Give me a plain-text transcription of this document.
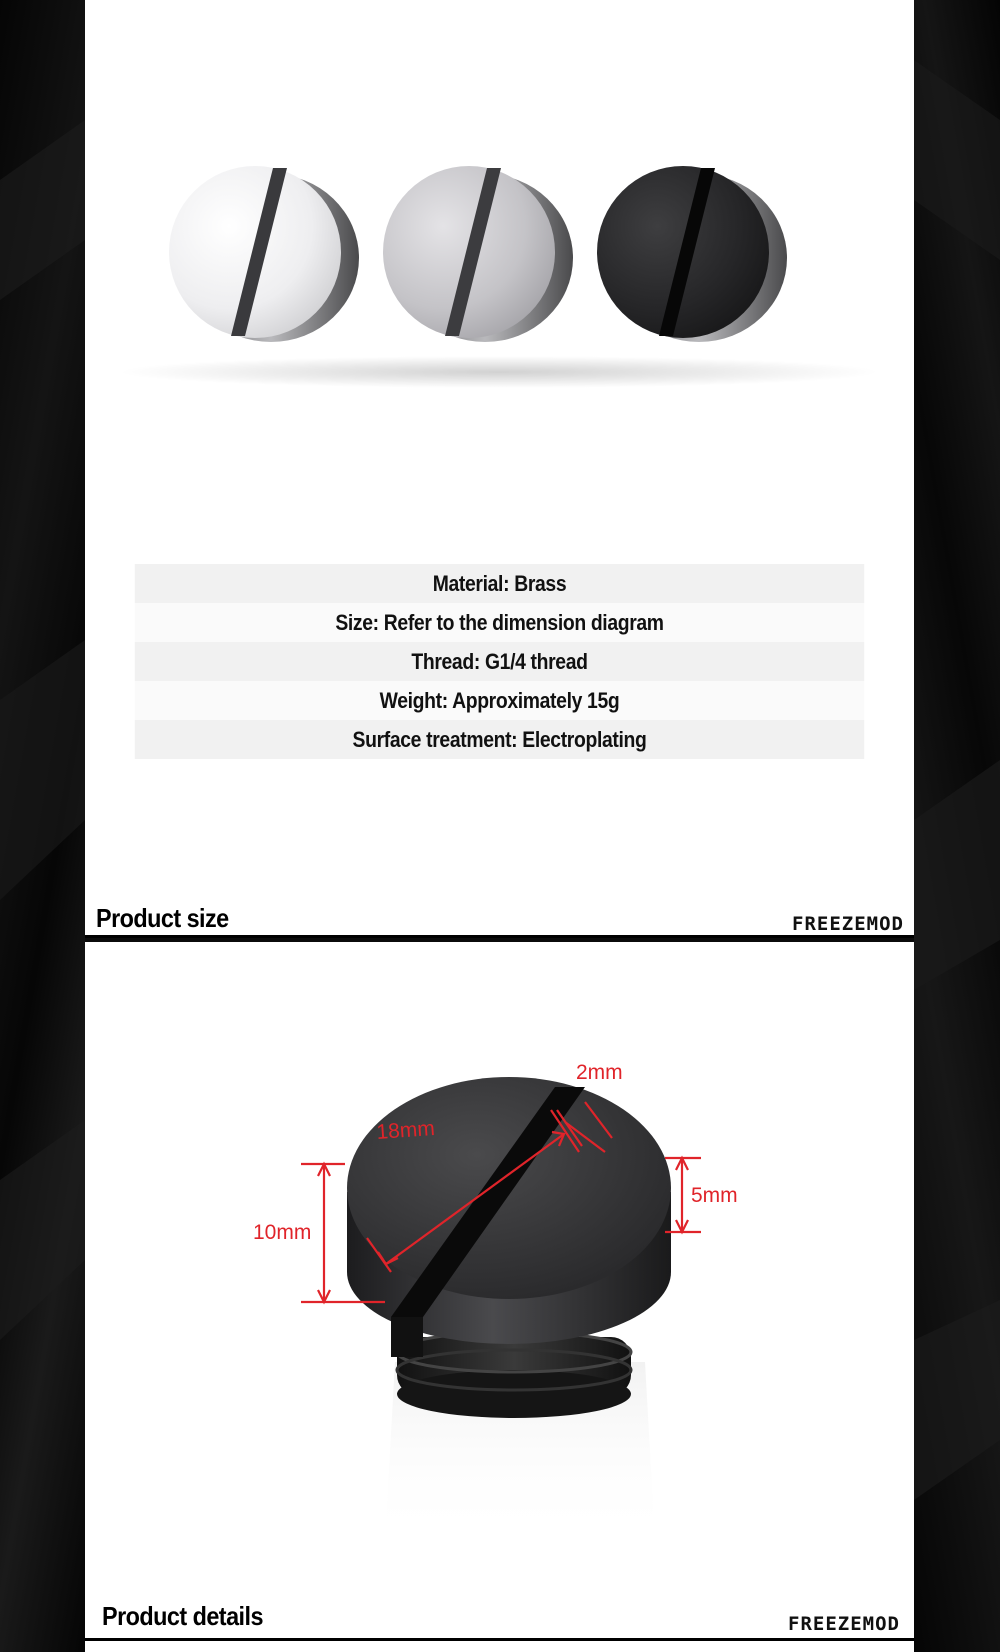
Material: Brass
Size: Refer to the dimension diagram
Thread: G1/4 thread
Weight: Approximately 15g
Surface treatment: Electroplating
Product size	FREEZEMOD
2mm
18mm
5mm
10mm
Product details	FREEZEMOD
